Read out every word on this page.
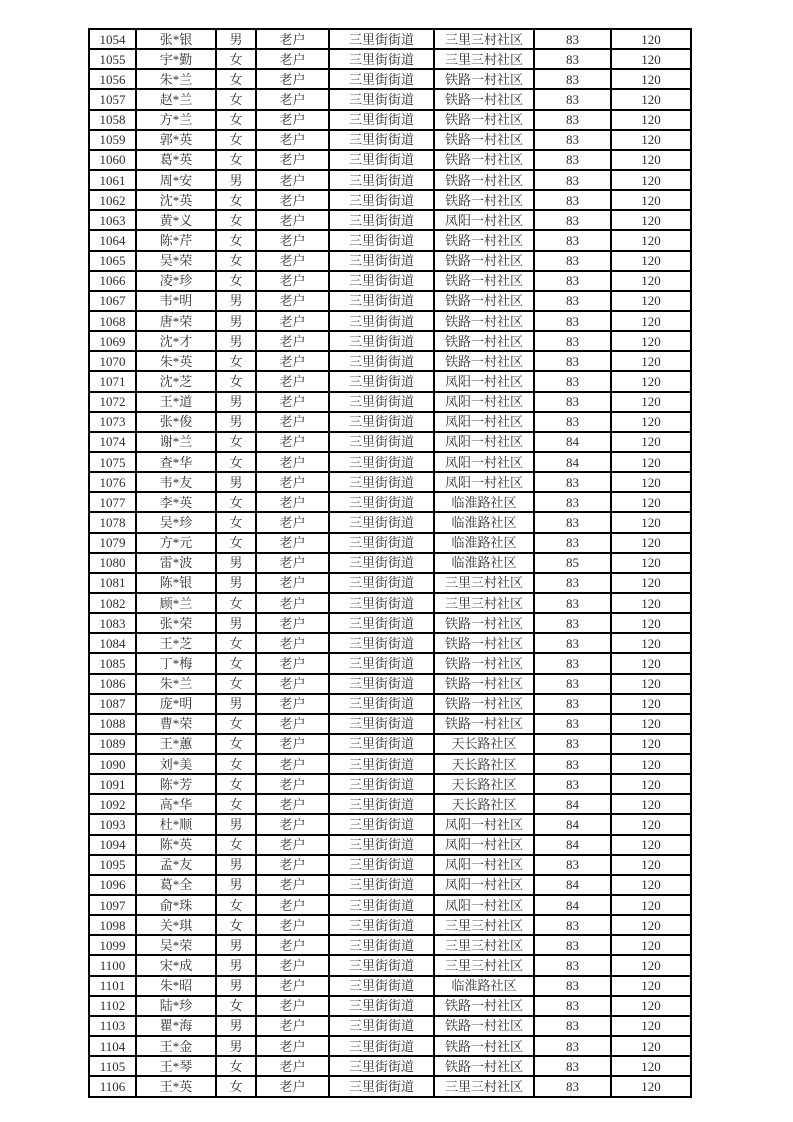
1054	张*银	男	老户	三里街街道	三里三村社区	83	120
1055	宇*勤	女	老户	三里街街道	三里三村社区	83	120
1056	朱*兰	女	老户	三里街街道	铁路一村社区	83	120
1057	赵*兰	女	老户	三里街街道	铁路一村社区	83	120
1058	方*兰	女	老户	三里街街道	铁路一村社区	83	120
1059	郭*英	女	老户	三里街街道	铁路一村社区	83	120
1060	葛*英	女	老户	三里街街道	铁路一村社区	83	120
1061	周*安	男	老户	三里街街道	铁路一村社区	83	120
1062	沈*英	女	老户	三里街街道	铁路一村社区	83	120
1063	黄*义	女	老户	三里街街道	凤阳一村社区	83	120
1064	陈*芹	女	老户	三里街街道	铁路一村社区	83	120
1065	吴*荣	女	老户	三里街街道	铁路一村社区	83	120
1066	凌*珍	女	老户	三里街街道	铁路一村社区	83	120
1067	韦*明	男	老户	三里街街道	铁路一村社区	83	120
1068	唐*荣	男	老户	三里街街道	铁路一村社区	83	120
1069	沈*才	男	老户	三里街街道	铁路一村社区	83	120
1070	朱*英	女	老户	三里街街道	铁路一村社区	83	120
1071	沈*芝	女	老户	三里街街道	凤阳一村社区	83	120
1072	王*道	男	老户	三里街街道	凤阳一村社区	83	120
1073	张*俊	男	老户	三里街街道	凤阳一村社区	83	120
1074	谢*兰	女	老户	三里街街道	凤阳一村社区	84	120
1075	查*华	女	老户	三里街街道	凤阳一村社区	84	120
1076	韦*友	男	老户	三里街街道	凤阳一村社区	83	120
1077	李*英	女	老户	三里街街道	临淮路社区	83	120
1078	吴*珍	女	老户	三里街街道	临淮路社区	83	120
1079	方*元	女	老户	三里街街道	临淮路社区	83	120
1080	雷*波	男	老户	三里街街道	临淮路社区	85	120
1081	陈*银	男	老户	三里街街道	三里三村社区	83	120
1082	顾*兰	女	老户	三里街街道	三里三村社区	83	120
1083	张*荣	男	老户	三里街街道	铁路一村社区	83	120
1084	王*芝	女	老户	三里街街道	铁路一村社区	83	120
1085	丁*梅	女	老户	三里街街道	铁路一村社区	83	120
1086	朱*兰	女	老户	三里街街道	铁路一村社区	83	120
1087	庞*明	男	老户	三里街街道	铁路一村社区	83	120
1088	曹*荣	女	老户	三里街街道	铁路一村社区	83	120
1089	王*蕙	女	老户	三里街街道	天长路社区	83	120
1090	刘*美	女	老户	三里街街道	天长路社区	83	120
1091	陈*芳	女	老户	三里街街道	天长路社区	83	120
1092	高*华	女	老户	三里街街道	天长路社区	84	120
1093	杜*顺	男	老户	三里街街道	凤阳一村社区	84	120
1094	陈*英	女	老户	三里街街道	凤阳一村社区	84	120
1095	孟*友	男	老户	三里街街道	凤阳一村社区	83	120
1096	葛*全	男	老户	三里街街道	凤阳一村社区	84	120
1097	俞*珠	女	老户	三里街街道	凤阳一村社区	84	120
1098	关*琪	女	老户	三里街街道	三里三村社区	83	120
1099	吴*荣	男	老户	三里街街道	三里三村社区	83	120
1100	宋*成	男	老户	三里街街道	三里三村社区	83	120
1101	朱*昭	男	老户	三里街街道	临淮路社区	83	120
1102	陆*珍	女	老户	三里街街道	铁路一村社区	83	120
1103	瞿*海	男	老户	三里街街道	铁路一村社区	83	120
1104	王*金	男	老户	三里街街道	铁路一村社区	83	120
1105	王*琴	女	老户	三里街街道	铁路一村社区	83	120
1106	王*英	女	老户	三里街街道	三里三村社区	83	120
